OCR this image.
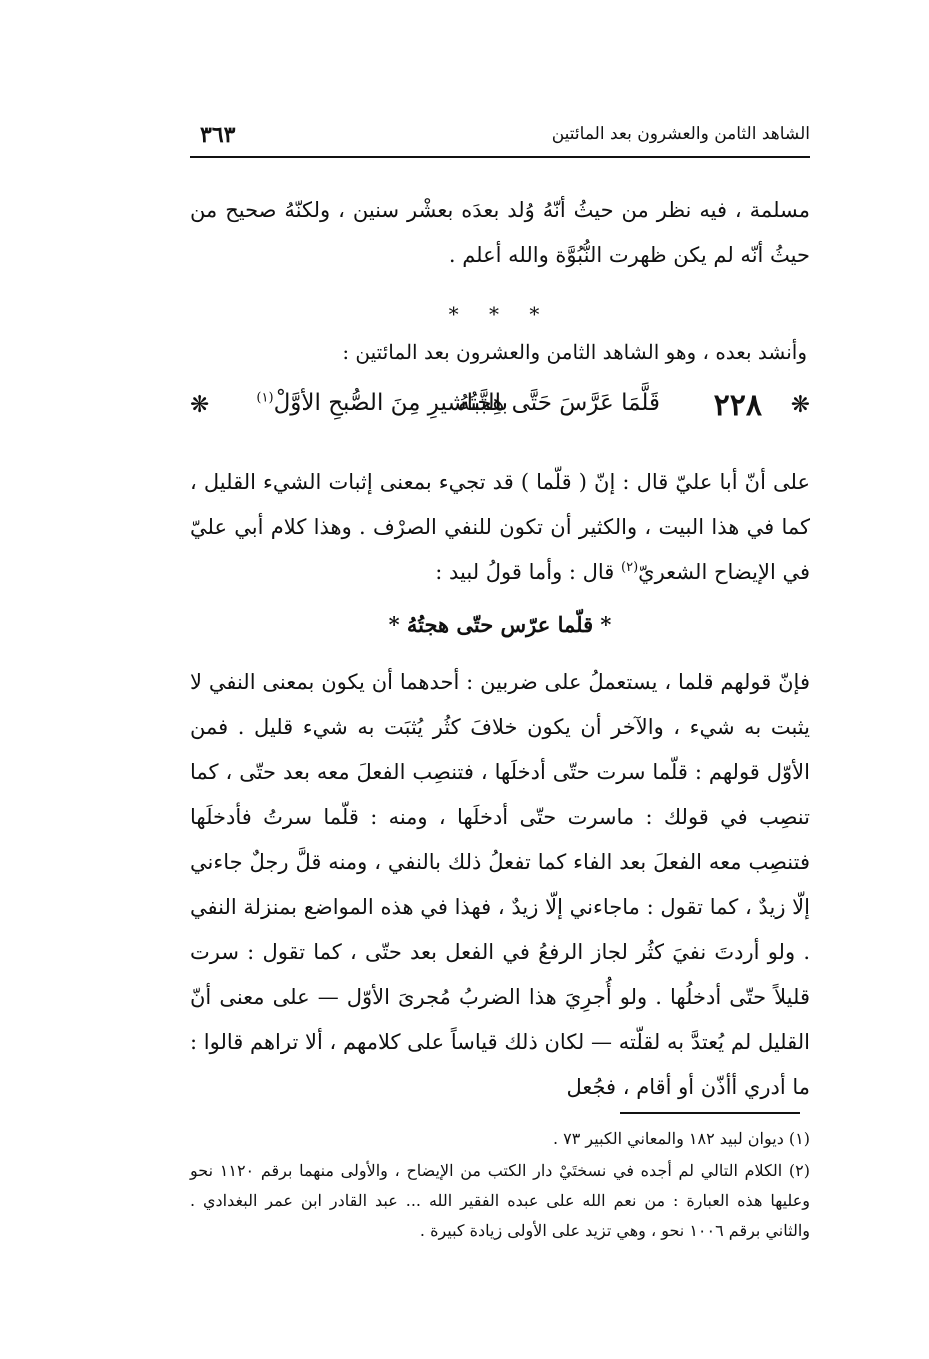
الشاهد الثامن والعشرون بعد المائتين
٣٦٣
مسلمة ، فيه نظر من حيثُ أنّهُ وُلد بعدَه بعشْر سنين ، ولكنّهُ صحيح من حيثُ أنّه لم يكن ظهرت النُّبُوَّة والله أعلم .
* * *
وأنشد بعده ، وهو الشاهد الثامن والعشرون بعد المائتين :
٢٢٨ ❋
قَلَّمَا عَرَّسَ حَتَّى هِجتُهُ
بالتَّباشيرِ مِنَ الصُّبحِ الأوَّلْ$^{(١)}$
❋
على أنّ أبا عليّ قال : إنّ ( قلّما ) قد تجيء بمعنى إثبات الشيء القليل ، كما في هذا البيت ، والكثير أن تكون للنفي الصرْف . وهذا كلام أبي عليّ في الإيضاح الشعريّ$^{(٢)}$ قال : وأما قولُ لبيد :
* قلّما عرّس حتّى هجتُهُ *
فإنّ قولهم قلما ، يستعملُ على ضربين : أحدهما أن يكون بمعنى النفي لا يثبت به شيء ، والآخر أن يكون خلافَ كثُر يُثبَت به شيء قليل . فمن الأوّل قولهم : قلّما سرت حتّى أدخلَها ، فتنصِب الفعلَ معه بعد حتّى ، كما تنصِب في قولك : ماسرت حتّى أدخلَها ، ومنه : قلّما سرتُ فأدخلَها فتنصِب معه الفعلَ بعد الفاء كما تفعلُ ذلك بالنفي ، ومنه قلَّ رجلٌ جاءني إلّا زيدٌ ، كما تقول : ماجاءني إلّا زيدٌ ، فهذا في هذه المواضع بمنزلة النفي . ولو أردتَ نفيَ كثُر لجاز الرفعُ في الفعل بعد حتّى ، كما تقول : سرت قليلاً حتّى أدخلُها . ولو أُجرِيَ هذا الضربُ مُجرىَ الأوّل — على معنى أنّ القليل لم يُعتدَّ به لقلّته — لكان ذلك قياساً على كلامهم ، ألا تراهم قالوا : ما أدري أأذّن أو أقام ، فجُعل
(١) ديوان لبيد ١٨٢ والمعاني الكبير ٧٣ .
(٢) الكلام التالي لم أجده في نسختَيْ دار الكتب من الإيضاح ، والأولى منهما برقم ١١٢٠ نحو وعليها هذه العبارة : من نعم الله على عبده الفقير الله ... عبد القادر ابن عمر البغدادي . والثاني برقم ١٠٠٦ نحو ، وهي تزيد على الأولى زيادة كبيرة .
